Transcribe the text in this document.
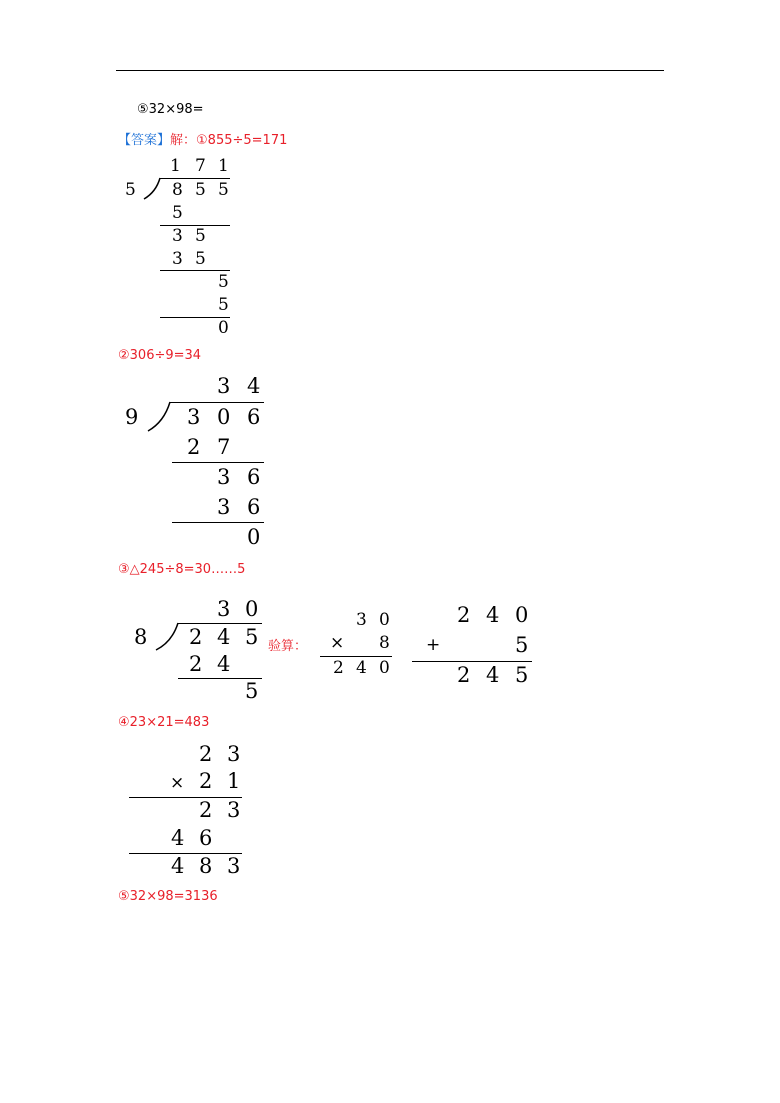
⑤32×98=
【答案】解：①855÷5=171
1 7 1
5 8 5 5
5
3 5
3 5
5
5
0
②306÷9=34
3 4
9 3 0 6
2 7
3 6
3 6
0
③△245÷8=30……5
3 0
8 2 4 5
2 4
5
验算：
3 0
× 8
2 4 0
2 4 0
+	5
2 4 5
④23×21=483
2 3
× 2 1
2 3
4 6
4 8 3
⑤32×98=3136
